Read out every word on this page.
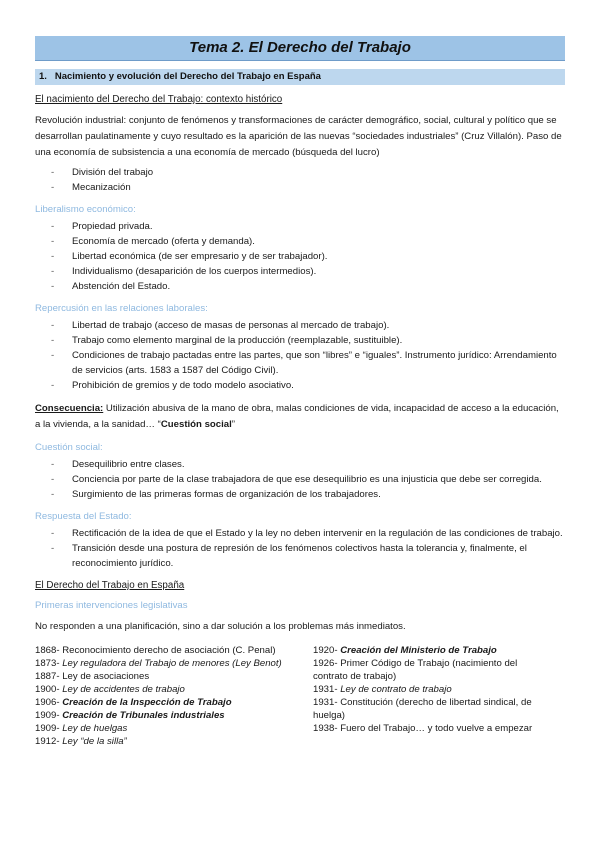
Tema 2. El Derecho del Trabajo
1. Nacimiento y evolución del Derecho del Trabajo en España
El nacimiento del Derecho del Trabajo: contexto histórico
Revolución industrial: conjunto de fenómenos y transformaciones de carácter demográfico, social, cultural y político que se desarrollan paulatinamente y cuyo resultado es la aparición de las nuevas “sociedades industriales” (Cruz Villalón). Paso de una economía de subsistencia a una economía de mercado (búsqueda del lucro)
- División del trabajo
- Mecanización
Liberalismo económico:
- Propiedad privada.
- Economía de mercado (oferta y demanda).
- Libertad económica (de ser empresario y de ser trabajador).
- Individualismo (desaparición de los cuerpos intermedios).
- Abstención del Estado.
Repercusión en las relaciones laborales:
- Libertad de trabajo (acceso de masas de personas al mercado de trabajo).
- Trabajo como elemento marginal de la producción (reemplazable, sustituible).
- Condiciones de trabajo pactadas entre las partes, que son “libres” e “iguales”. Instrumento jurídico: Arrendamiento de servicios (arts. 1583 a 1587 del Código Civil).
- Prohibición de gremios y de todo modelo asociativo.
Consecuencia: Utilización abusiva de la mano de obra, malas condiciones de vida, incapacidad de acceso a la educación, a la vivienda, a la sanidad… “Cuestión social”
Cuestión social:
- Desequilibrio entre clases.
- Conciencia por parte de la clase trabajadora de que ese desequilibrio es una injusticia que debe ser corregida.
- Surgimiento de las primeras formas de organización de los trabajadores.
Respuesta del Estado:
- Rectificación de la idea de que el Estado y la ley no deben intervenir en la regulación de las condiciones de trabajo.
- Transición desde una postura de represión de los fenómenos colectivos hasta la tolerancia y, finalmente, el reconocimiento jurídico.
El Derecho del Trabajo en España
Primeras intervenciones legislativas
No responden a una planificación, sino a dar solución a los problemas más inmediatos.
1868- Reconocimiento derecho de asociación (C. Penal)
1873- Ley reguladora del Trabajo de menores (Ley Benot)
1887- Ley de asociaciones
1900- Ley de accidentes de trabajo
1906- Creación de la Inspección de Trabajo
1909- Creación de Tribunales industriales
1909- Ley de huelgas
1912- Ley “de la silla”
1920- Creación del Ministerio de Trabajo
1926- Primer Código de Trabajo (nacimiento del contrato de trabajo)
1931- Ley de contrato de trabajo
1931- Constitución (derecho de libertad sindical, de huelga)
1938- Fuero del Trabajo… y todo vuelve a empezar
